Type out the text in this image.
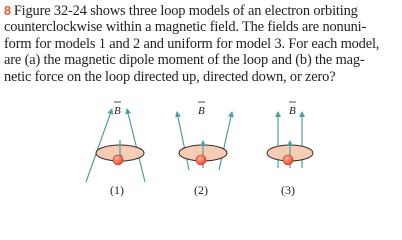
8 Figure 32-24 shows three loop models of an electron orbiting
counterclockwise within a magnetic field. The fields are nonuni-
form for models 1 and 2 and uniform for model 3. For each model,
are (a) the magnetic dipole moment of the loop and (b) the mag-
netic force on the loop directed up, directed down, or zero?
B
(1)
B
(2)
B
(3)
